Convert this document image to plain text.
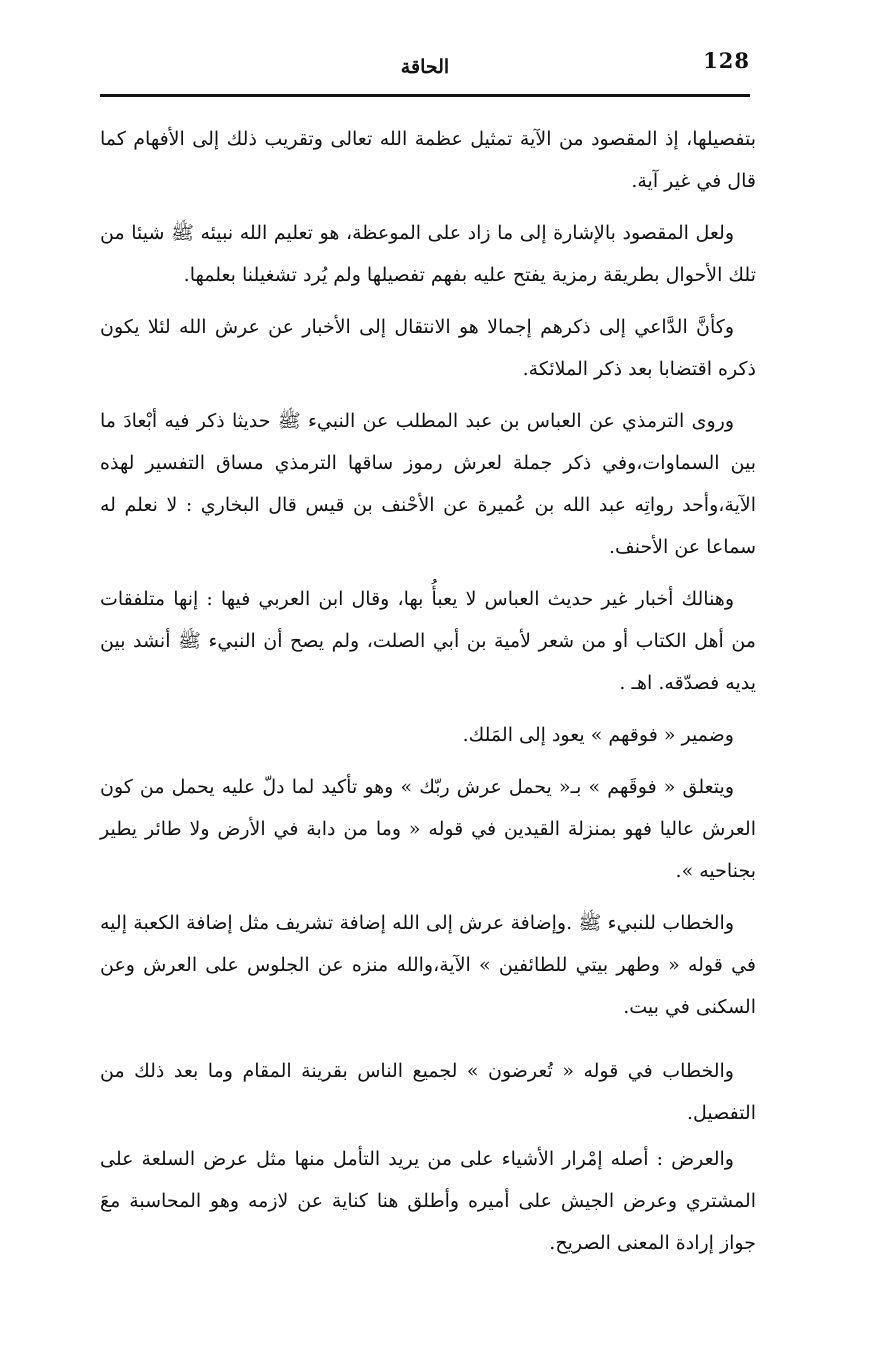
128
الحاقة

بتفصيلها، إذ المقصود من الآية تمثيل عظمة الله تعالى وتقريب ذلك إلى الأفهام كما قال في غير آية.

ولعل المقصود بالإشارة إلى ما زاد على الموعظة، هو تعليم الله نبيئه ﷺ شيئا من تلك الأحوال بطريقة رمزية يفتح عليه بفهم تفصيلها ولم يُرد تشغيلنا بعلمها.

وكأنَّ الدَّاعي إلى ذكرهم إجمالا هو الانتقال إلى الأخبار عن عرش الله لئلا يكون ذكره اقتضابا بعد ذكر الملائكة.

وروى الترمذي عن العباس بن عبد المطلب عن النبيء ﷺ حديثا ذكر فيه أبْعادَ ما بين السماوات،وفي ذكر جملة لعرش رموز ساقها الترمذي مساق التفسير لهذه الآية،وأحد رواتِه عبد الله بن عُميرة عن الأحْنف بن قيس قال البخاري : لا نعلم له سماعا عن الأحنف.

وهنالك أخبار غير حديث العباس لا يعبأُ بها، وقال ابن العربي فيها : إنها متلفقات من أهل الكتاب أو من شعر لأمية بن أبي الصلت، ولم يصح أن النبيء ﷺ أنشد بين يديه فصدّقه. اهـ .

وضمير « فوقهم » يعود إلى المَلك.

ويتعلق « فوقَهم » بـ« يحمل عرش ربّك » وهو تأكيد لما دلّ عليه يحمل من كون العرش عاليا فهو بمنزلة القيدين في قوله « وما من دابة في الأرض ولا طائر يطير بجناحيه ».

والخطاب للنبيء ﷺ .وإضافة عرش إلى الله إضافة تشريف مثل إضافة الكعبة إليه في قوله « وطهر بيتي للطائفين » الآية،والله منزه عن الجلوس على العرش وعن السكنى في بيت.

والخطاب في قوله « تُعرضون » لجميع الناس بقرينة المقام وما بعد ذلك من التفصيل.

والعرض : أصله إمْرار الأشياء على من يريد التأمل منها مثل عرض السلعة على المشتري وعرض الجيش على أميره وأطلق هنا كناية عن لازمه وهو المحاسبة معَ جواز إرادة المعنى الصريح.
